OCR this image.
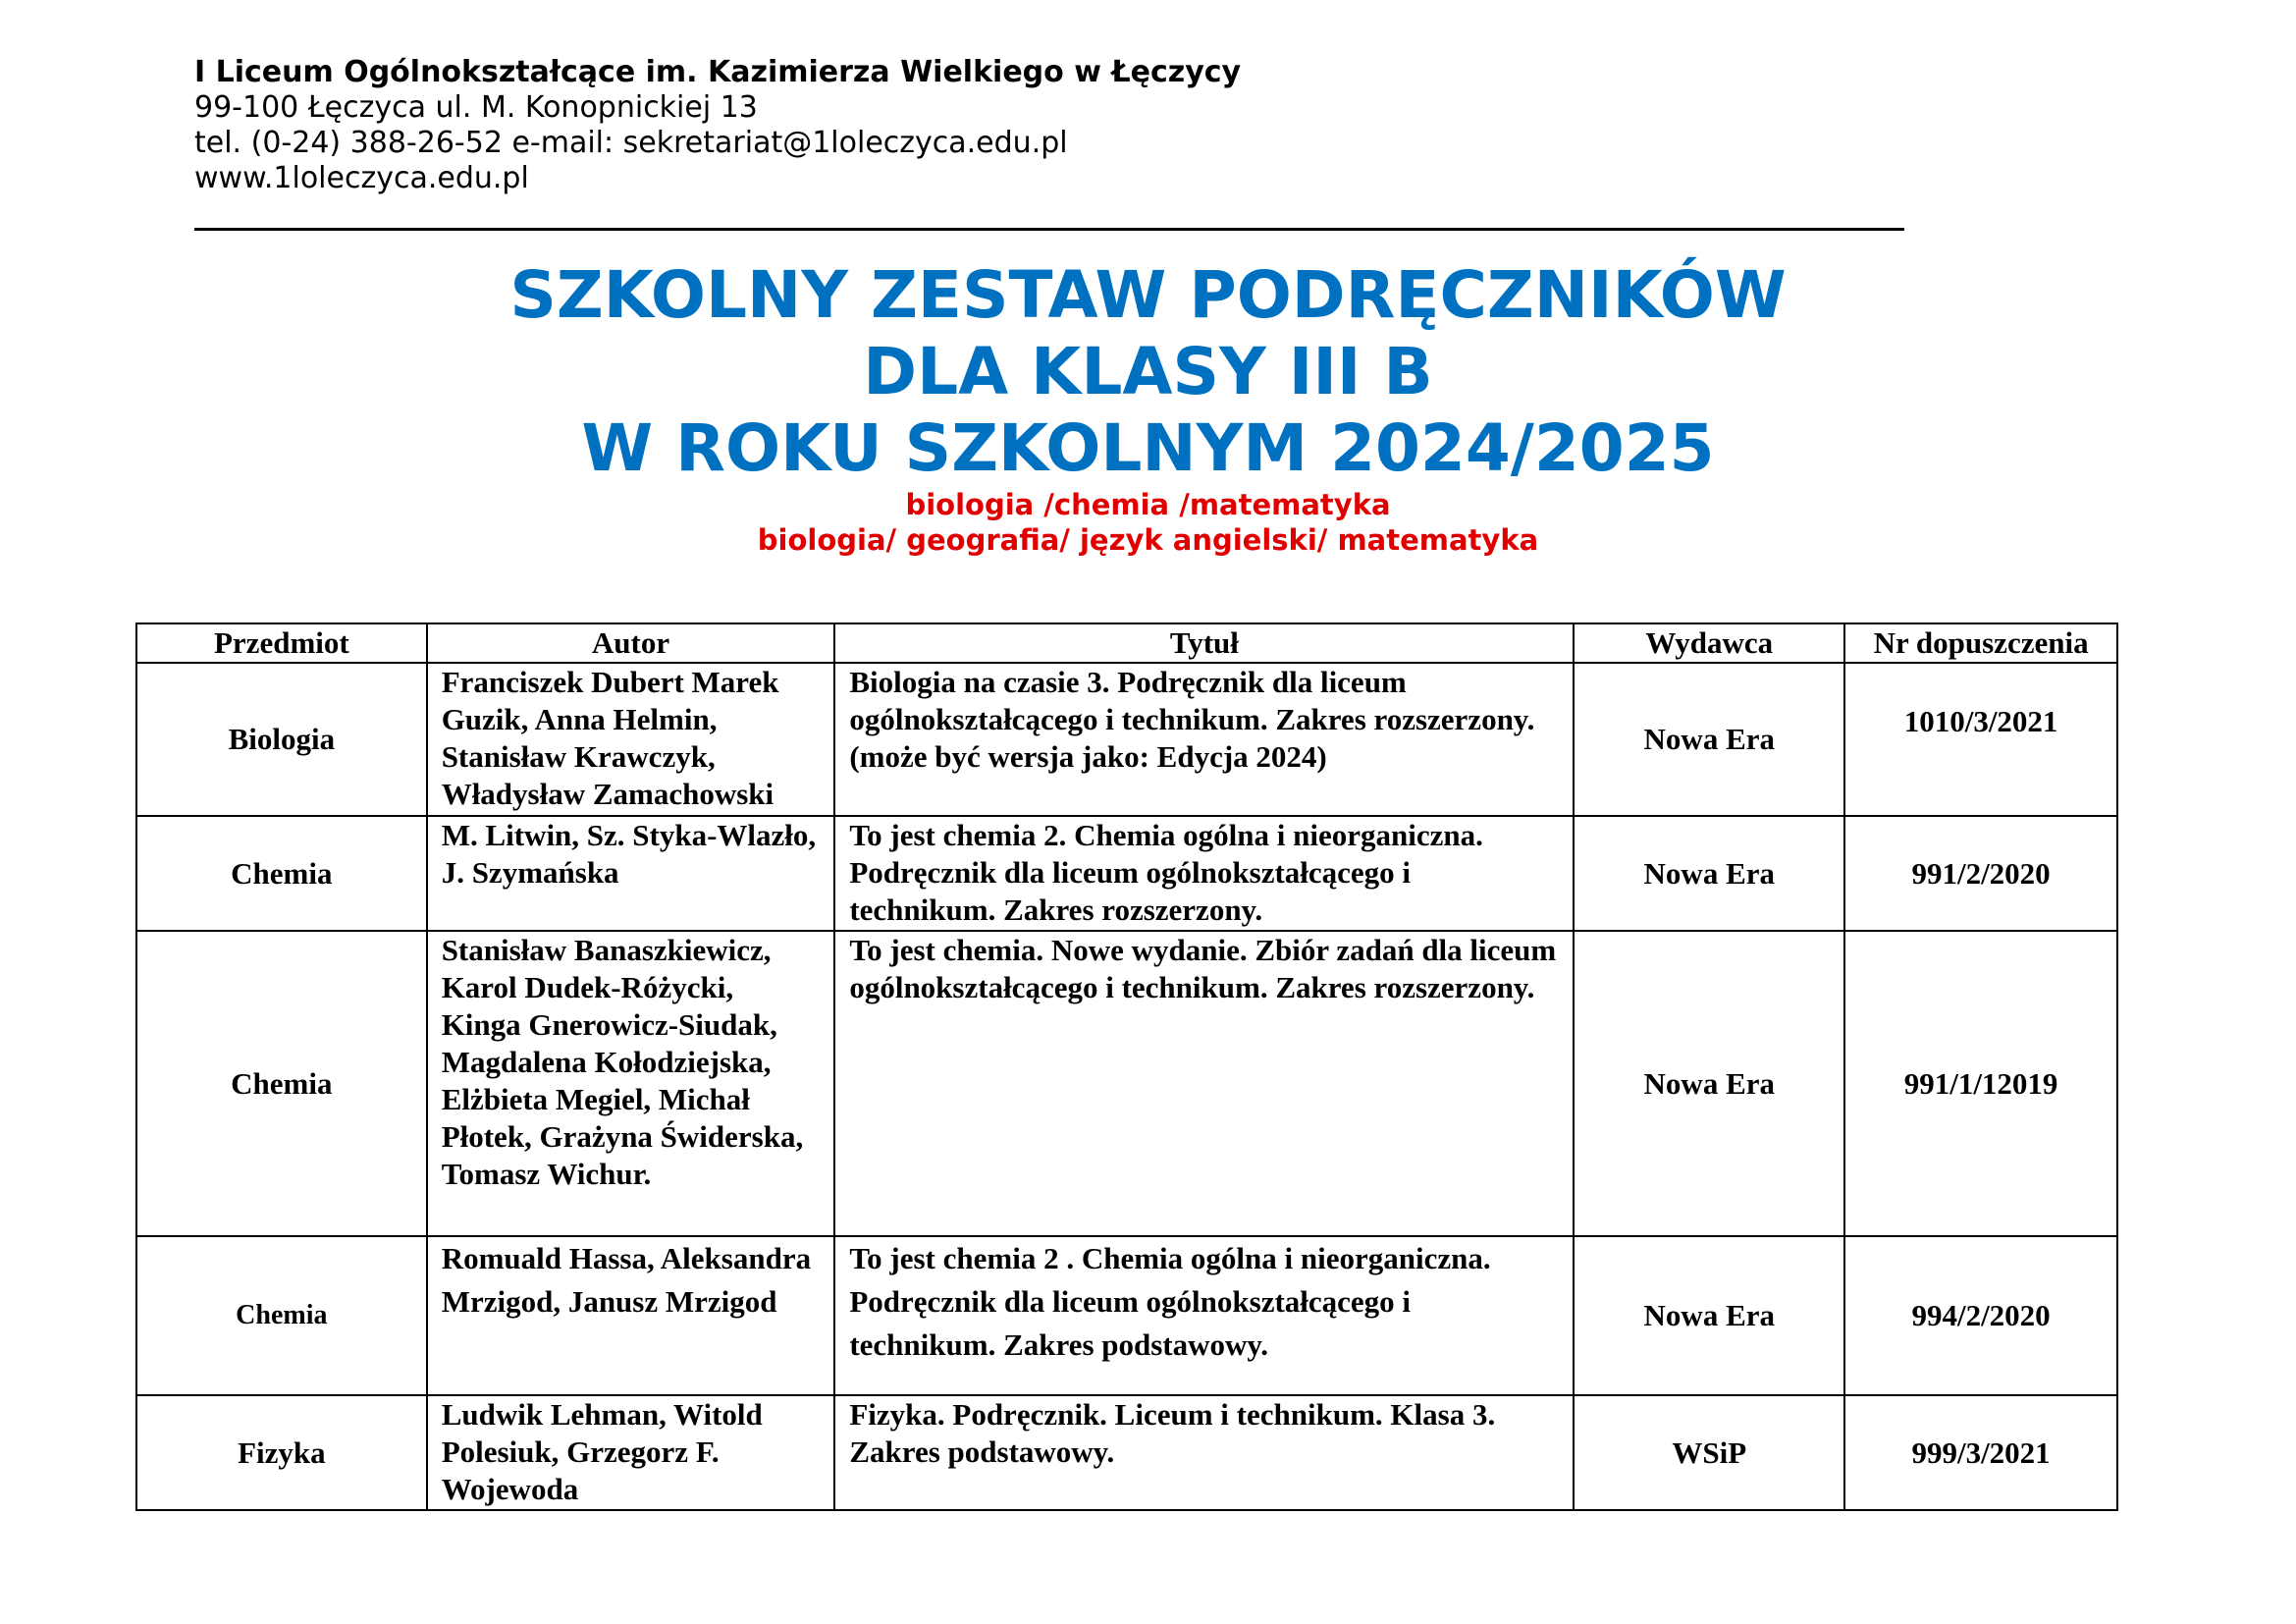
I Liceum Ogólnokształcące im. Kazimierza Wielkiego w Łęczycy
99-100 Łęczyca ul. M. Konopnickiej 13
tel. (0-24) 388-26-52 e-mail: sekretariat@1loleczyca.edu.pl
www.1loleczyca.edu.pl
SZKOLNY ZESTAW PODRĘCZNIKÓW
DLA KLASY III B
W ROKU SZKOLNYM 2024/2025
biologia /chemia /matematyka
biologia/ geografia/ język angielski/ matematyka
Przedmiot	Autor	Tytuł	Wydawca	Nr dopuszczenia
Biologia	Franciszek Dubert Marek Guzik, Anna Helmin, Stanisław Krawczyk, Władysław Zamachowski	Biologia na czasie 3. Podręcznik dla liceum ogólnokształcącego i technikum. Zakres rozszerzony. (może być wersja jako: Edycja 2024)	Nowa Era	1010/3/2021
Chemia	M. Litwin, Sz. Styka-Wlazło, J. Szymańska	To jest chemia 2. Chemia ogólna i nieorganiczna. Podręcznik dla liceum ogólnokształcącego i technikum. Zakres rozszerzony.	Nowa Era	991/2/2020
Chemia	Stanisław Banaszkiewicz, Karol Dudek-Różycki, Kinga Gnerowicz-Siudak, Magdalena Kołodziejska, Elżbieta Megiel, Michał Płotek, Grażyna Świderska, Tomasz Wichur.	To jest chemia. Nowe wydanie. Zbiór zadań dla liceum ogólnokształcącego i technikum. Zakres rozszerzony.	Nowa Era	991/1/12019
Chemia	Romuald Hassa, Aleksandra Mrzigod, Janusz Mrzigod	To jest chemia 2 . Chemia ogólna i nieorganiczna. Podręcznik dla liceum ogólnokształcącego i technikum. Zakres podstawowy.	Nowa Era	994/2/2020
Fizyka	Ludwik Lehman, Witold Polesiuk, Grzegorz F. Wojewoda	Fizyka. Podręcznik. Liceum i technikum. Klasa 3. Zakres podstawowy.	WSiP	999/3/2021
